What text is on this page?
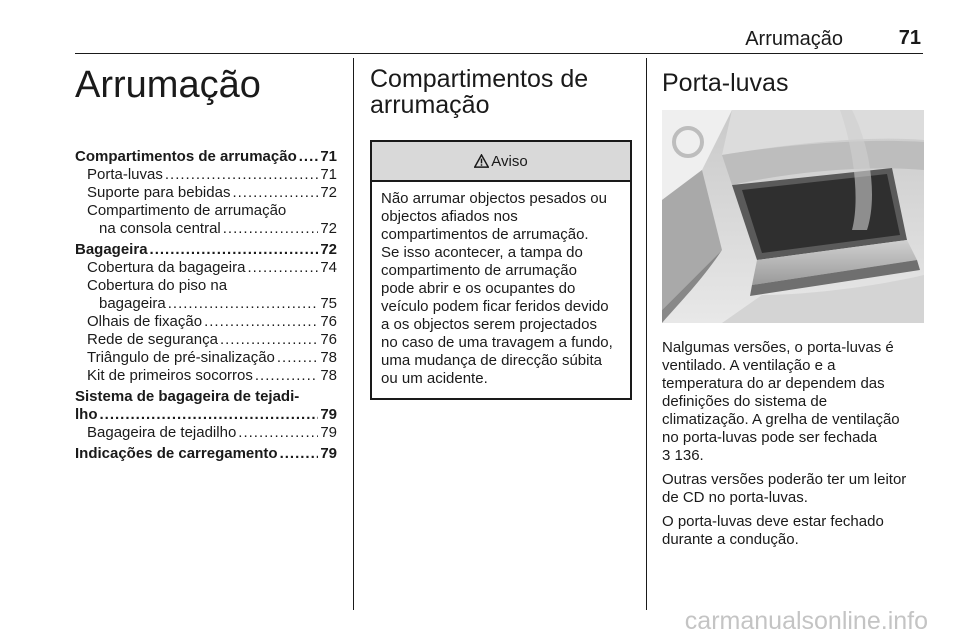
Arrumação	71
Arrumação
Compartimentos de arrumação ..... 71
Porta-luvas .....	71
Suporte para bebidas .....	72
Compartimento de arrumação
na consola central .....	72
Bagageira .....	72
Cobertura da bagageira .....	74
Cobertura do piso na
bagageira .....	75
Olhais de fixação .....	76
Rede de segurança .....	76
Triângulo de pré-sinalização .....	78
Kit de primeiros socorros .....	78
Sistema de bagageira de tejadi-
lho .....	79
Bagageira de tejadilho .....	79
Indicações de carregamento .....	79
Compartimentos de
arrumação
Aviso
Não arrumar objectos pesados ou
objectos afiados nos
compartimentos de arrumação.
Se isso acontecer, a tampa do
compartimento de arrumação
pode abrir e os ocupantes do
veículo podem ficar feridos devido
a os objectos serem projectados
no caso de uma travagem a fundo,
uma mudança de direcção súbita
ou um acidente.
Porta-luvas

Nalgumas versões, o porta-luvas é
ventilado. A ventilação e a
temperatura do ar dependem das
definições do sistema de
climatização. A grelha de ventilação
no porta-luvas pode ser fechada
3 136.

Outras versões poderão ter um leitor
de CD no porta-luvas.

O porta-luvas deve estar fechado
durante a condução.

carmanualsonline.info
